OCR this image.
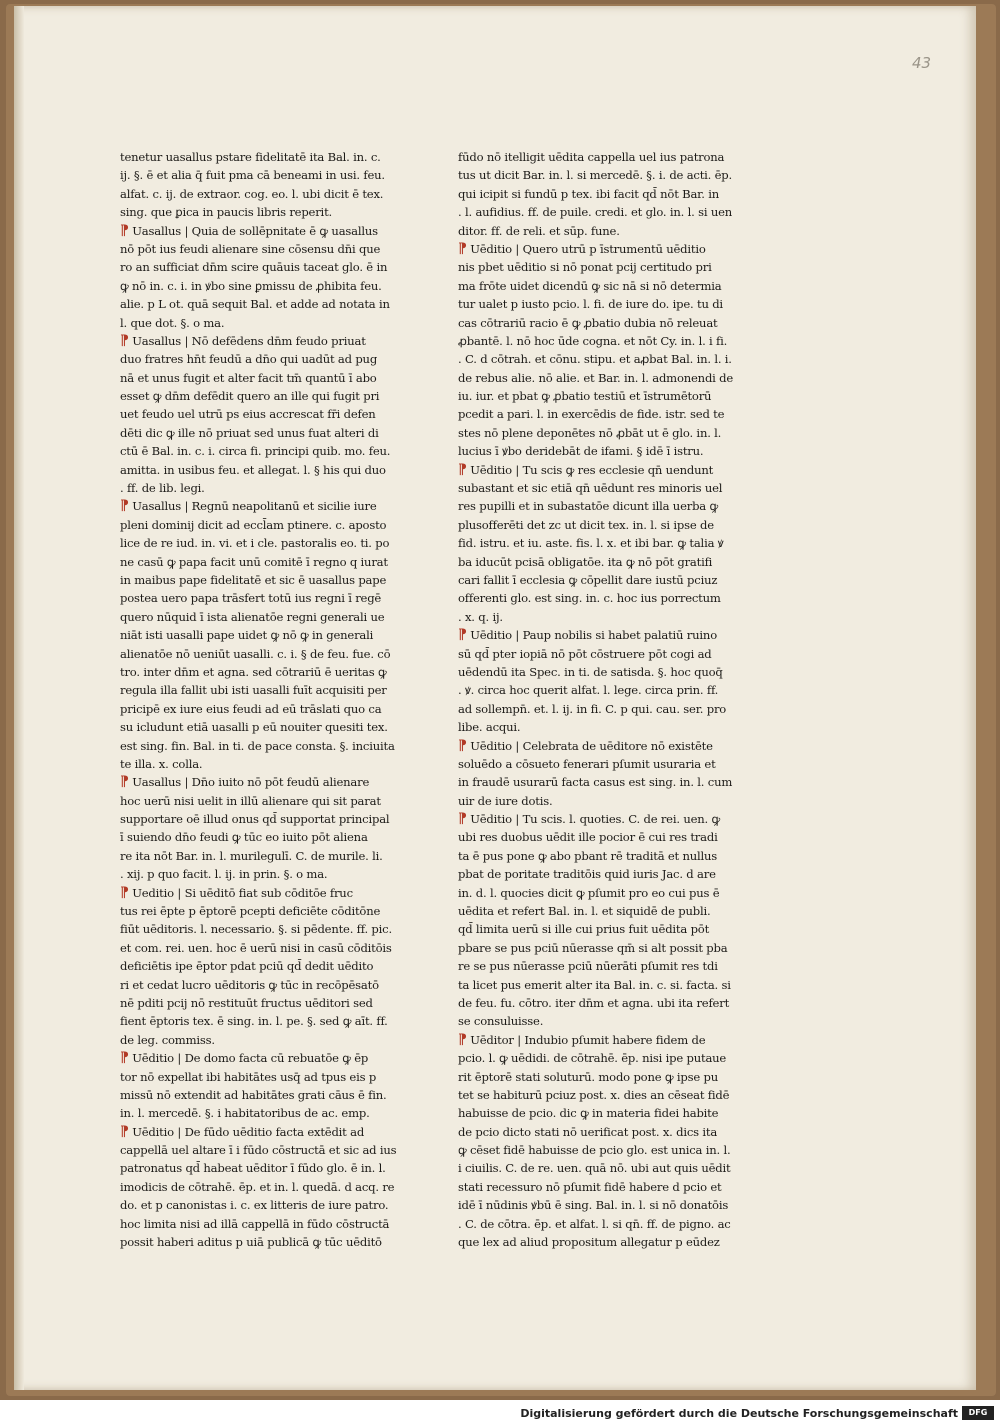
43
tenetur uasallus pstare fidelitatē ita Bal. in. c.
ij. §. ē et alia q̄ fuit pma cā beneami in usi. feu.
alfat. c. ij. de extraor. cog. eo. l. ubi dicit ē tex.
sing. que ꝑica in paucis libris reperit.
⁋ Uasallus | Quia de sollēpnitate ē ꝙ uasallus
nō pōt ius feudi alienare sine cōsensu dn̄i que
ro an sufficiat dn̄m scire quāuis taceat glo. ē in
ꝙ nō in. c. i. in ꝟbo sine ꝑmissu de ꝓhibita feu.
alie. p L ot. quā sequit Bal. et adde ad notata in
l. que dot. §. o ma.
⁋ Uasallus | Nō defēdens dn̄m feudo priuat
duo fratres hn̄t feudū a dn̄o qui uadūt ad pug
nā et unus fugit et alter facit tm̄ quantū ī abo
esset ꝙ dn̄m defēdit quero an ille qui fugit pri
uet feudo uel utrū ps eius accrescat fr̄i defen
dēti dic ꝙ ille nō priuat sed unus fuat alteri di
ctū ē Bal. in. c. i. circa fi. principi quib. mo. feu.
amitta. in usibus feu. et allegat. l. § his qui duo
. ff. de lib. legi.
⁋ Uasallus | Regnū neapolitanū et sicilie iure
pleni dominij dicit ad eccl̄am ptinere. c. aposto
lice de re iud. in. vi. et i cle. pastoralis eo. ti. po
ne casū ꝙ papa facit unū comitē ī regno q iurat
in maibus pape fidelitatē et sic ē uasallus pape
postea uero papa trāsfert totū ius regni ī regē
quero nūquid ī ista alienatōe regni generali ue
niāt isti uasalli pape uidet ꝙ nō ꝙ in generali
alienatōe nō ueniūt uasalli. c. i. § de feu. fue. cō
tro. inter dn̄m et agna. sed cōtrariū ē ueritas ꝙ
regula illa fallit ubi isti uasalli fuīt acquisiti per
pricipē ex iure eius feudi ad eū trāslati quo ca
su icludunt etiā uasalli p eū nouiter quesiti tex.
est sing. fin. Bal. in ti. de pace consta. §. inciuita
te illa. x. colla.
⁋ Uasallus | Dn̄o iuito nō pōt feudū alienare
hoc uerū nisi uelit in illū alienare qui sit parat
supportare oē illud onus qd̄ supportat principal
ī suiendo dn̄o feudi ꝙ tūc eo iuito pōt aliena
re ita nōt Bar. in. l. murilegulī. C. de murile. li.
. xij. p quo facit. l. ij. in prin. §. o ma.
⁋ Ueditio | Si uēditō fiat sub cōditōe fruc
tus rei ēpte p ēptorē pcepti deficiēte cōditōne
fiūt uēditoris. l. necessario. §. si pēdente. ff. pic.
et com. rei. uen. hoc ē uerū nisi in casū cōditōis
deficiētis ipe ēptor pdat pciū qd̄ dedit uēdito
ri et cedat lucro uēditoris ꝙ tūc in recōpēsatō
nē pditi pcij nō restituūt fructus uēditori sed
fient ēptoris tex. ē sing. in. l. pe. §. sed ꝙ aīt. ff.
de leg. commiss.
⁋ Uēditio | De domo facta cū rebuatōe ꝙ ēp
tor nō expellat ibi habitātes usq̄ ad tpus eis p
missū nō extendit ad habitātes grati cāus ē fin.
in. l. mercedē. §. i habitatoribus de ac. emp.
⁋ Uēditio | De fūdo uēditio facta extēdit ad
cappellā uel altare ī i fūdo cōstructā et sic ad ius
patronatus qd̄ habeat uēditor ī fūdo glo. ē in. l.
imodicis de cōtrahē. ēp. et in. l. quedā. d acq. re
do. et p canonistas i. c. ex litteris de iure patro.
hoc limita nisi ad illā cappellā in fūdo cōstructā
possit haberi aditus p uiā publicā ꝙ tūc uēditō
fūdo nō itelligit uēdita cappella uel ius patrona
tus ut dicit Bar. in. l. si mercedē. §. i. de acti. ēp.
qui icipit si fundū p tex. ibi facit qd̄ nōt Bar. in
. l. aufidius. ff. de puile. credi. et glo. in. l. si uen
ditor. ff. de reli. et sūp. fune.
⁋ Uēditio | Quero utrū p īstrumentū uēditio
nis pbet uēditio si nō ponat pcij certitudo pri
ma frōte uidet dicendū ꝙ sic nā si nō determia
tur ualet p iusto pcio. l. fi. de iure do. ipe. tu di
cas cōtrariū racio ē ꝙ ꝓbatio dubia nō releuat
ꝓbantē. l. nō hoc ūde cogna. et nōt Cy. in. l. i fi.
. C. d cōtrah. et cōnu. stipu. et aꝓbat Bal. in. l. i.
de rebus alie. nō alie. et Bar. in. l. admonendi de
iu. iur. et pbat ꝙ ꝓbatio testiū et īstrumētorū
pcedit a pari. l. in exercēdis de fide. istr. sed te
stes nō plene deponētes nō ꝓbāt ut ē glo. in. l.
lucius ī ꝟbo deridebāt de ifami. § idē ī istru.
⁋ Uēditio | Tu scis ꝙ res ecclesie qn̄ uendunt
subastant et sic etiā qn̄ uēdunt res minoris uel
res pupilli et in subastatōe dicunt illa uerba ꝙ
plusofferēti det zc ut dicit tex. in. l. si ipse de
fid. istru. et iu. aste. fis. l. x. et ibi bar. ꝙ talia ꝟ
ba iducūt pcisā obligatōe. ita ꝙ nō pōt gratifi
cari fallit ī ecclesia ꝙ cōpellit dare iustū pciuz
offerenti glo. est sing. in. c. hoc ius porrectum
. x. q. ij.
⁋ Uēditio | Paup nobilis si habet palatiū ruino
sū qd̄ pter iopiā nō pōt cōstruere pōt cogi ad
uēdendū ita Spec. in ti. de satisda. §. hoc quoq̄
. ꝟ. circa hoc querit alfat. l. lege. circa prin. ff.
ad sollempn̄. et. l. ij. in fi. C. p qui. cau. ser. pro
libe. acqui.
⁋ Uēditio | Celebrata de uēditore nō existēte
soluēdo a cōsueto fenerari pſumit usuraria et
in fraudē usurarū facta casus est sing. in. l. cum
uir de iure dotis.
⁋ Uēditio | Tu scis. l. quoties. C. de rei. uen. ꝙ
ubi res duobus uēdit ille pocior ē cui res tradi
ta ē pus pone ꝙ abo pbant rē traditā et nullus
pbat de poritate traditōis quid iuris Jac. d are
in. d. l. quocies dicit ꝙ pſumit pro eo cui pus ē
uēdita et refert Bal. in. l. et siquidē de publi.
qd̄ limita uerū si ille cui prius fuit uēdita pōt
pbare se pus pciū nūerasse qm̄ si alt possit pba
re se pus nūerasse pciū nūerāti pſumit res tdi
ta licet pus emerit alter ita Bal. in. c. si. facta. si
de feu. fu. cōtro. iter dn̄m et agna. ubi ita refert
se consuluisse.
⁋ Uēditor | Indubio pſumit habere fidem de
pcio. l. ꝙ uēdidi. de cōtrahē. ēp. nisi ipe putaue
rit ēptorē stati soluturū. modo pone ꝙ ipse pu
tet se habiturū pciuz post. x. dies an cēseat fidē
habuisse de pcio. dic ꝙ in materia fidei habite
de pcio dicto stati nō uerificat post. x. dics ita
ꝙ cēset fidē habuisse de pcio glo. est unica in. l.
i ciuilis. C. de re. uen. quā nō. ubi aut quis uēdit
stati recessuro nō pſumit fidē habere d pcio et
idē ī nūdinis ꝟbū ē sing. Bal. in. l. si nō donatōis
. C. de cōtra. ēp. et alfat. l. si qn̄. ff. de pigno. ac
que lex ad aliud propositum allegatur p eūdez
Digitalisierung gefördert durch die Deutsche Forschungsgemeinschaft	DFG
